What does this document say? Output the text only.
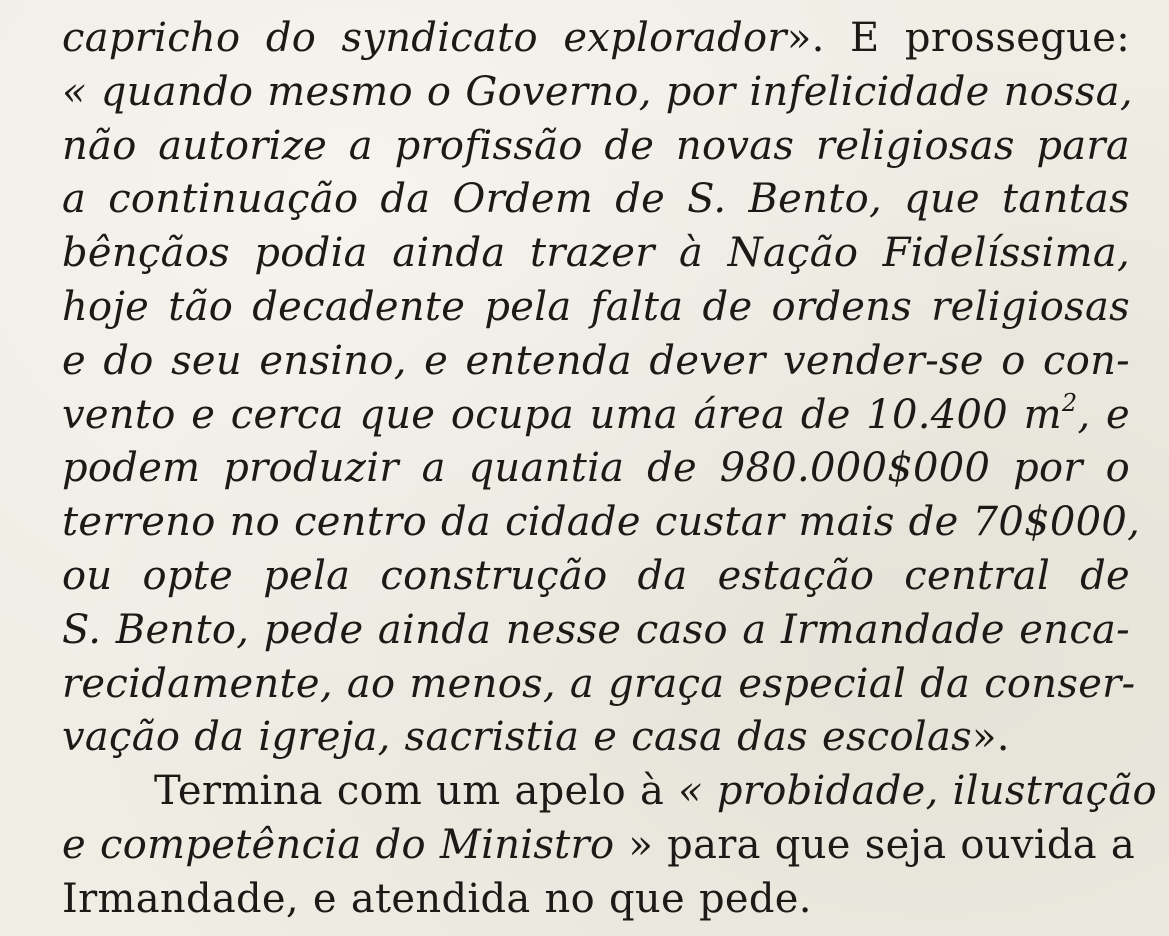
capricho do syndicato explorador». E prossegue:
« quando mesmo o Governo, por infelicidade nossa,
não autorize a profissão de novas religiosas para
a continuação da Ordem de S. Bento, que tantas
bênçãos podia ainda trazer à Nação Fidelíssima,
hoje tão decadente pela falta de ordens religiosas
e do seu ensino, e entenda dever vender-se o con-
vento e cerca que ocupa uma área de 10.400 $m^2$, e
podem produzir a quantia de 980.000$000 por o
terreno no centro da cidade custar mais de 70$000,
ou opte pela construção da estação central de
S. Bento, pede ainda nesse caso a Irmandade enca-
recidamente, ao menos, a graça especial da conser-
vação da igreja, sacristia e casa das escolas».
Termina com um apelo à « probidade, ilustração
e competência do Ministro » para que seja ouvida a
Irmandade, e atendida no que pede.
